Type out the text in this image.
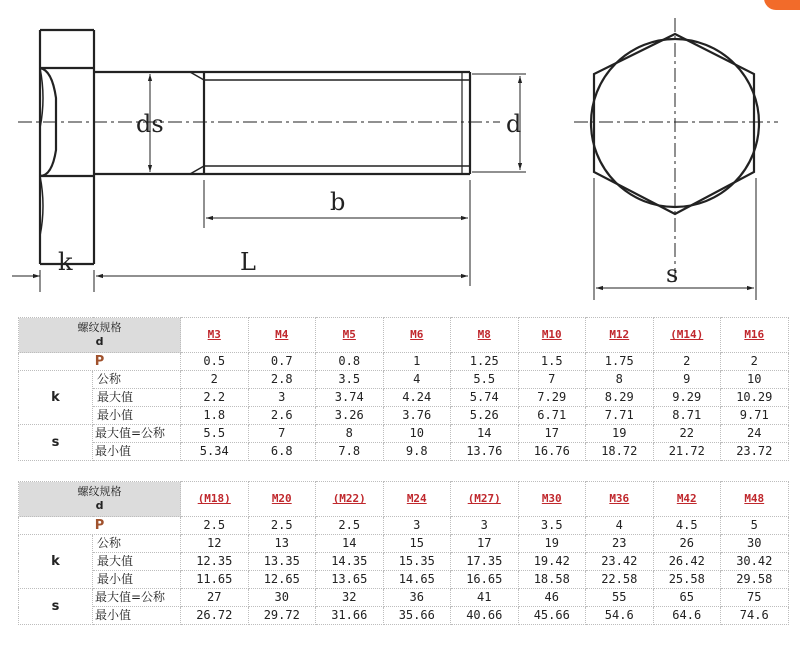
ds	d
b
k	L	s
螺纹规格
d		M3	M4	M5	M6	M8	M10	M12	(M14)	M16
P		0.5	0.7	0.8	1	1.25	1.5	1.75	2	2
k	公称	2	2.8	3.5	4	5.5	7	8	9	10
	最大值	2.2	3	3.74	4.24	5.74	7.29	8.29	9.29	10.29
	最小值	1.8	2.6	3.26	3.76	5.26	6.71	7.71	8.71	9.71
s	最大值=公称	5.5	7	8	10	14	17	19	22	24
	最小值	5.34	6.8	7.8	9.8	13.76	16.76	18.72	21.72	23.72
螺纹规格
d		(M18)	M20	(M22)	M24	(M27)	M30	M36	M42	M48
P		2.5	2.5	2.5	3	3	3.5	4	4.5	5
k	公称	12	13	14	15	17	19	23	26	30
	最大值	12.35	13.35	14.35	15.35	17.35	19.42	23.42	26.42	30.42
	最小值	11.65	12.65	13.65	14.65	16.65	18.58	22.58	25.58	29.58
s	最大值=公称	27	30	32	36	41	46	55	65	75
	最小值	26.72	29.72	31.66	35.66	40.66	45.66	54.6	64.6	74.6
